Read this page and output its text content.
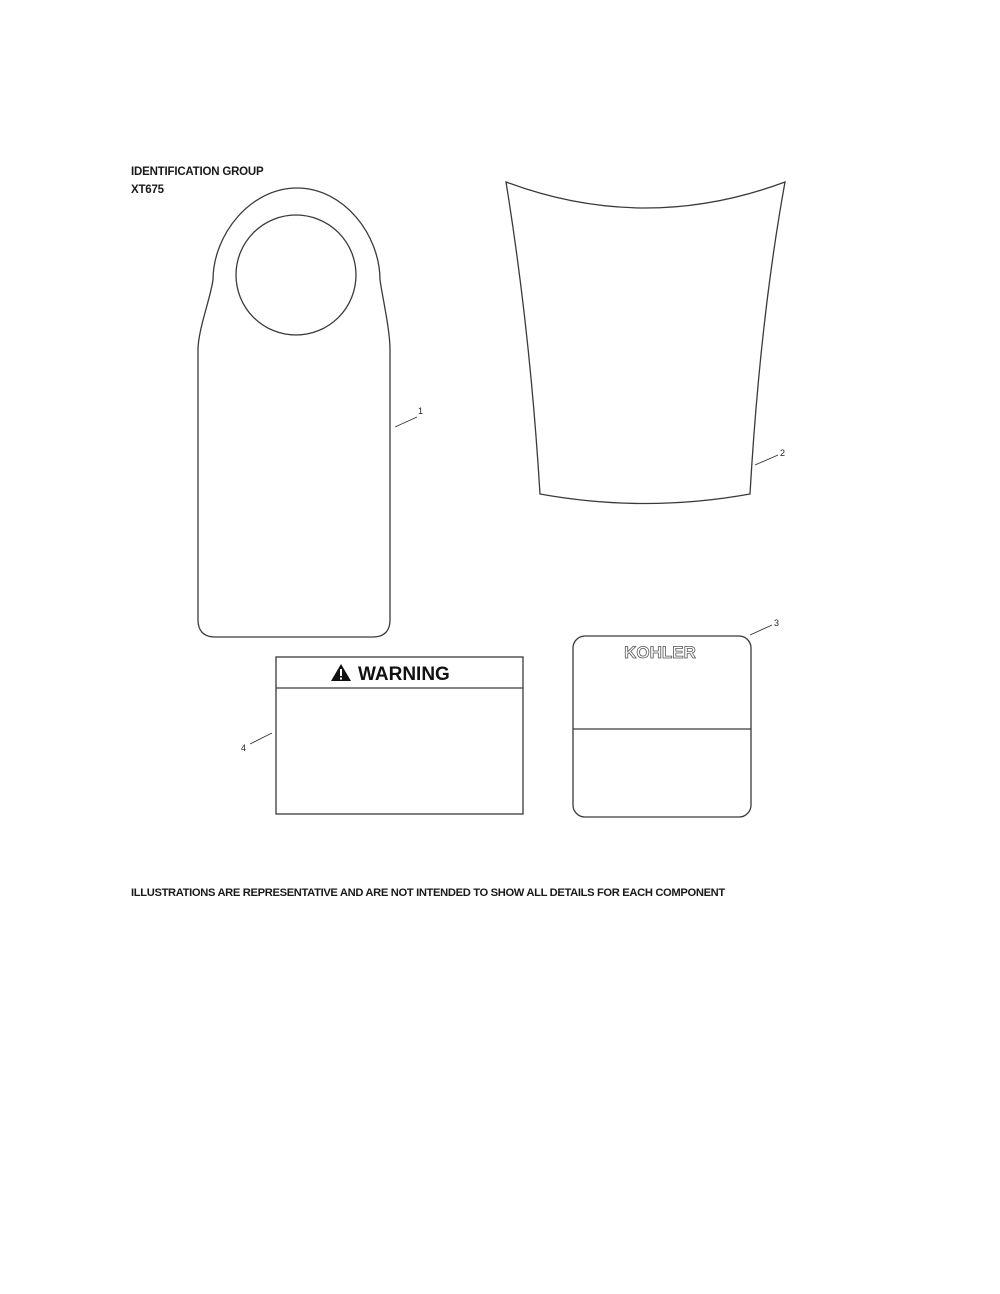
IDENTIFICATION GROUP
XT675
1
2
KOHLER
3
WARNING
4
ILLUSTRATIONS ARE REPRESENTATIVE AND ARE NOT INTENDED TO SHOW ALL DETAILS FOR EACH COMPONENT
